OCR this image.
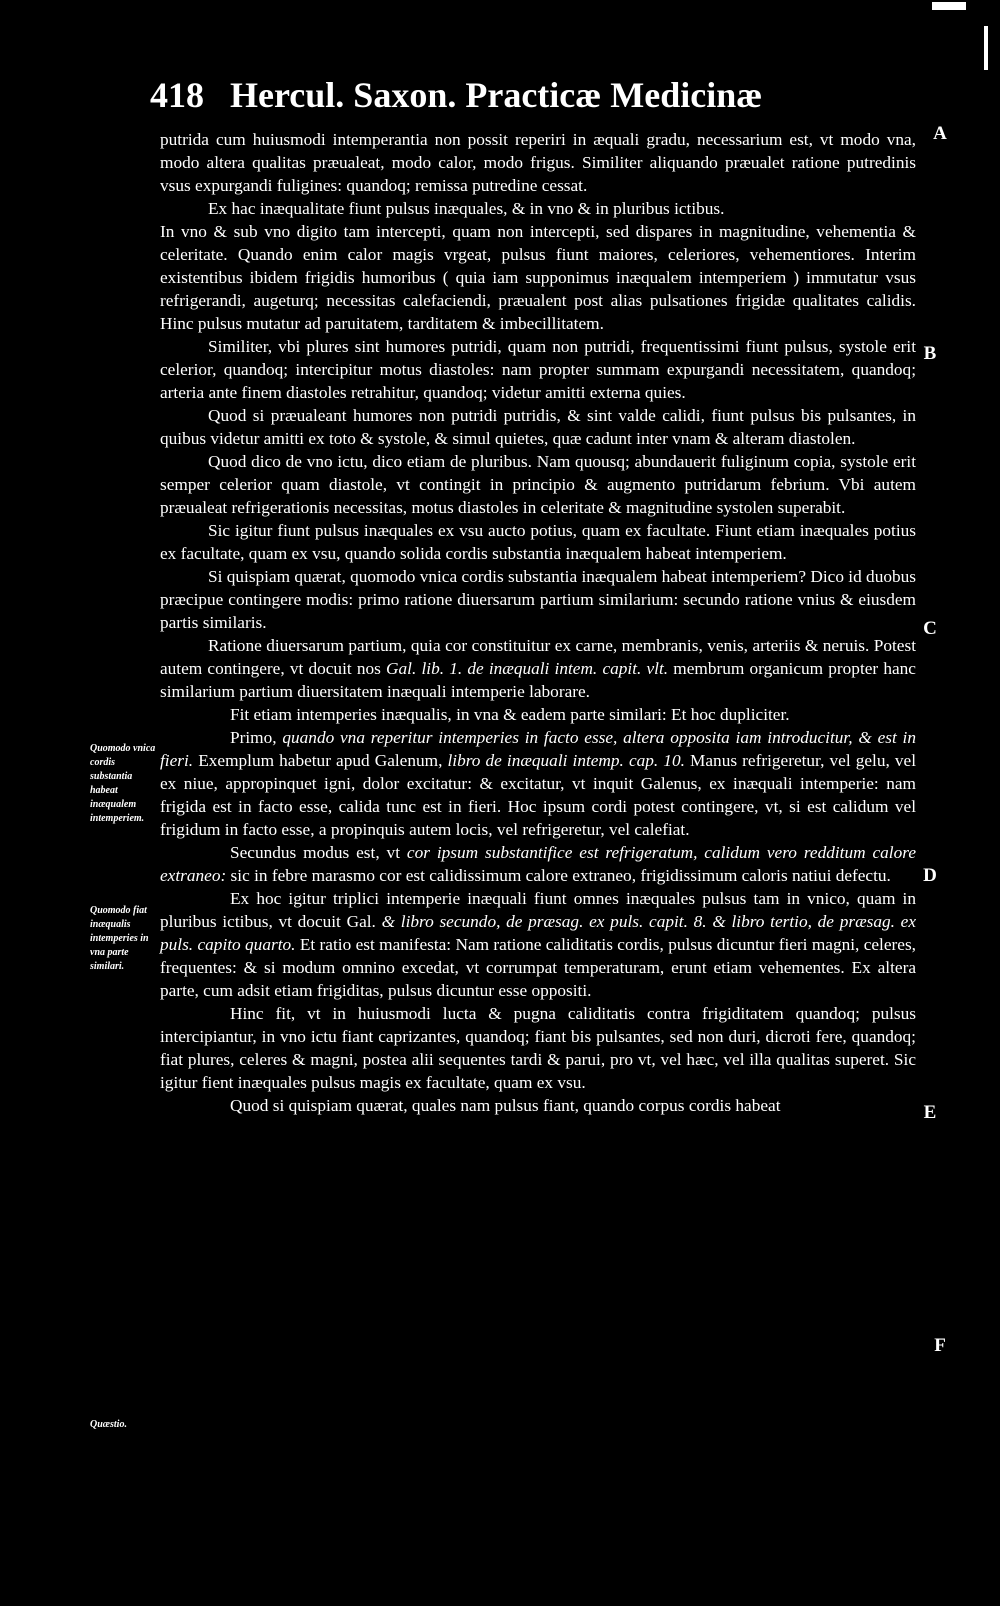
418 Hercul. Saxon. Practicæ Medicinæ

putrida cum huiusmodi intemperantia non possit reperiri in æquali gradu, necessarium est, vt modo vna, modo altera qualitas præualeat, modo calor, modo frigus. Similiter aliquando præualet ratione putredinis vsus expurgandi fuligines: quandoq; remissa putredine cessat.

Ex hac inæqualitate fiunt pulsus inæquales, & in vno & in pluribus ictibus.

In vno & sub vno digito tam intercepti, quam non intercepti, sed dispares in magnitudine, vehementia & celeritate. Quando enim calor magis vrgeat, pulsus fiunt maiores, celeriores, vehementiores. Interim existentibus ibidem frigidis humoribus ( quia iam supponimus inæqualem intemperiem ) immutatur vsus refrigerandi, augeturq; necessitas calefaciendi, præualent post alias pulsationes frigidæ qualitates calidis. Hinc pulsus mutatur ad paruitatem, tarditatem & imbecillitatem.

Similiter, vbi plures sint humores putridi, quam non putridi, frequentissimi fiunt pulsus, systole erit celerior, quandoq; intercipitur motus diastoles: nam propter summam expurgandi necessitatem, quandoq; arteria ante finem diastoles retrahitur, quandoq; videtur amitti externa quies.

Quod si præualeant humores non putridi putridis, & sint valde calidi, fiunt pulsus bis pulsantes, in quibus videtur amitti ex toto & systole, & simul quietes, quæ cadunt inter vnam & alteram diastolen.

Quod dico de vno ictu, dico etiam de pluribus. Nam quousq; abundauerit fuliginum copia, systole erit semper celerior quam diastole, vt contingit in principio & augmento putridarum febrium. Vbi autem præualeat refrigerationis necessitas, motus diastoles in celeritate & magnitudine systolen superabit.

Sic igitur fiunt pulsus inæquales ex vsu aucto potius, quam ex facultate. Fiunt etiam inæquales potius ex facultate, quam ex vsu, quando solida cordis substantia inæqualem habeat intemperiem.

Si quispiam quærat, quomodo vnica cordis substantia inæqualem habeat intemperiem? Dico id duobus præcipue contingere modis: primo ratione diuersarum partium similarium: secundo ratione vnius & eiusdem partis similaris.

Ratione diuersarum partium, quia cor constituitur ex carne, membranis, venis, arteriis & neruis. Potest autem contingere, vt docuit nos Gal. lib. 1. de inæquali intem. capit. vlt. membrum organicum propter hanc similarium partium diuersitatem inæquali intemperie laborare.

Fit etiam intemperies inæqualis, in vna & eadem parte similari: Et hoc dupliciter.

Primo, quando vna reperitur intemperies in facto esse, altera opposita iam introducitur, & est in fieri. Exemplum habetur apud Galenum, libro de inæquali intemp. cap. 10. Manus refrigeretur, vel gelu, vel ex niue, appropinquet igni, dolor excitatur: & excitatur, vt inquit Galenus, ex inæquali intemperie: nam frigida est in facto esse, calida tunc est in fieri. Hoc ipsum cordi potest contingere, vt, si est calidum vel frigidum in facto esse, a propinquis autem locis, vel refrigeretur, vel calefiat.

Secundus modus est, vt cor ipsum substantifice est refrigeratum, calidum vero redditum calore extraneo: sic in febre marasmo cor est calidissimum calore extraneo, frigidissimum caloris natiui defectu.

Ex hoc igitur triplici intemperie inæquali fiunt omnes inæquales pulsus tam in vnico, quam in pluribus ictibus, vt docuit Gal. & libro secundo, de præsag. ex puls. capit. 8. & libro tertio, de præsag. ex puls. capito quarto. Et ratio est manifesta: Nam ratione caliditatis cordis, pulsus dicuntur fieri magni, celeres, frequentes: & si modum omnino excedat, vt corrumpat temperaturam, erunt etiam vehementes. Ex altera parte, cum adsit etiam frigiditas, pulsus dicuntur esse oppositi.

Hinc fit, vt in huiusmodi lucta & pugna caliditatis contra frigiditatem quandoq; pulsus intercipiantur, in vno ictu fiant caprizantes, quandoq; fiant bis pulsantes, sed non duri, dicroti fere, quandoq; fiat plures, celeres & magni, postea alii sequentes tardi & parui, pro vt, vel hæc, vel illa qualitas superet. Sic igitur fient inæquales pulsus magis ex facultate, quam ex vsu.

Quod si quispiam quærat, quales nam pulsus fiant, quando corpus cordis habeat

A
B
C
D
E
F
Quomodo vnica cordis substantia habeat inæqualem intemperiem.
Quomodo fiat inæqualis intemperies in vna parte similari.
Quæstio.
